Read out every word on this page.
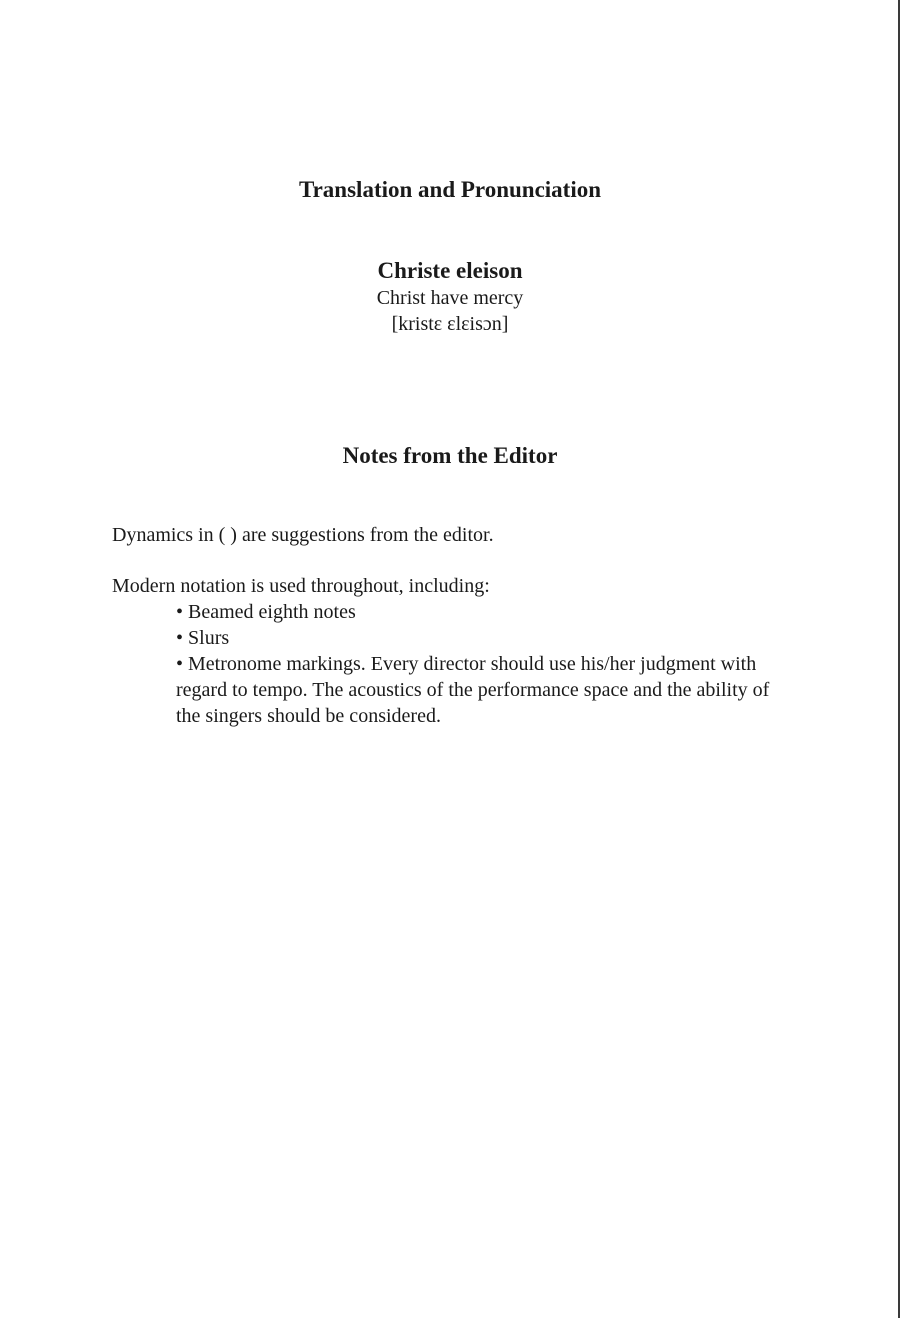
Translation and Pronunciation
Christe eleison
Christ have mercy
[kristɛ ɛlɛisɔn]
Notes from the Editor
Dynamics in ( ) are suggestions from the editor.
Modern notation is used throughout, including:
• Beamed eighth notes
• Slurs
• Metronome markings. Every director should use his/her judgment with regard to tempo. The acoustics of the performance space and the ability of the singers should be considered.
